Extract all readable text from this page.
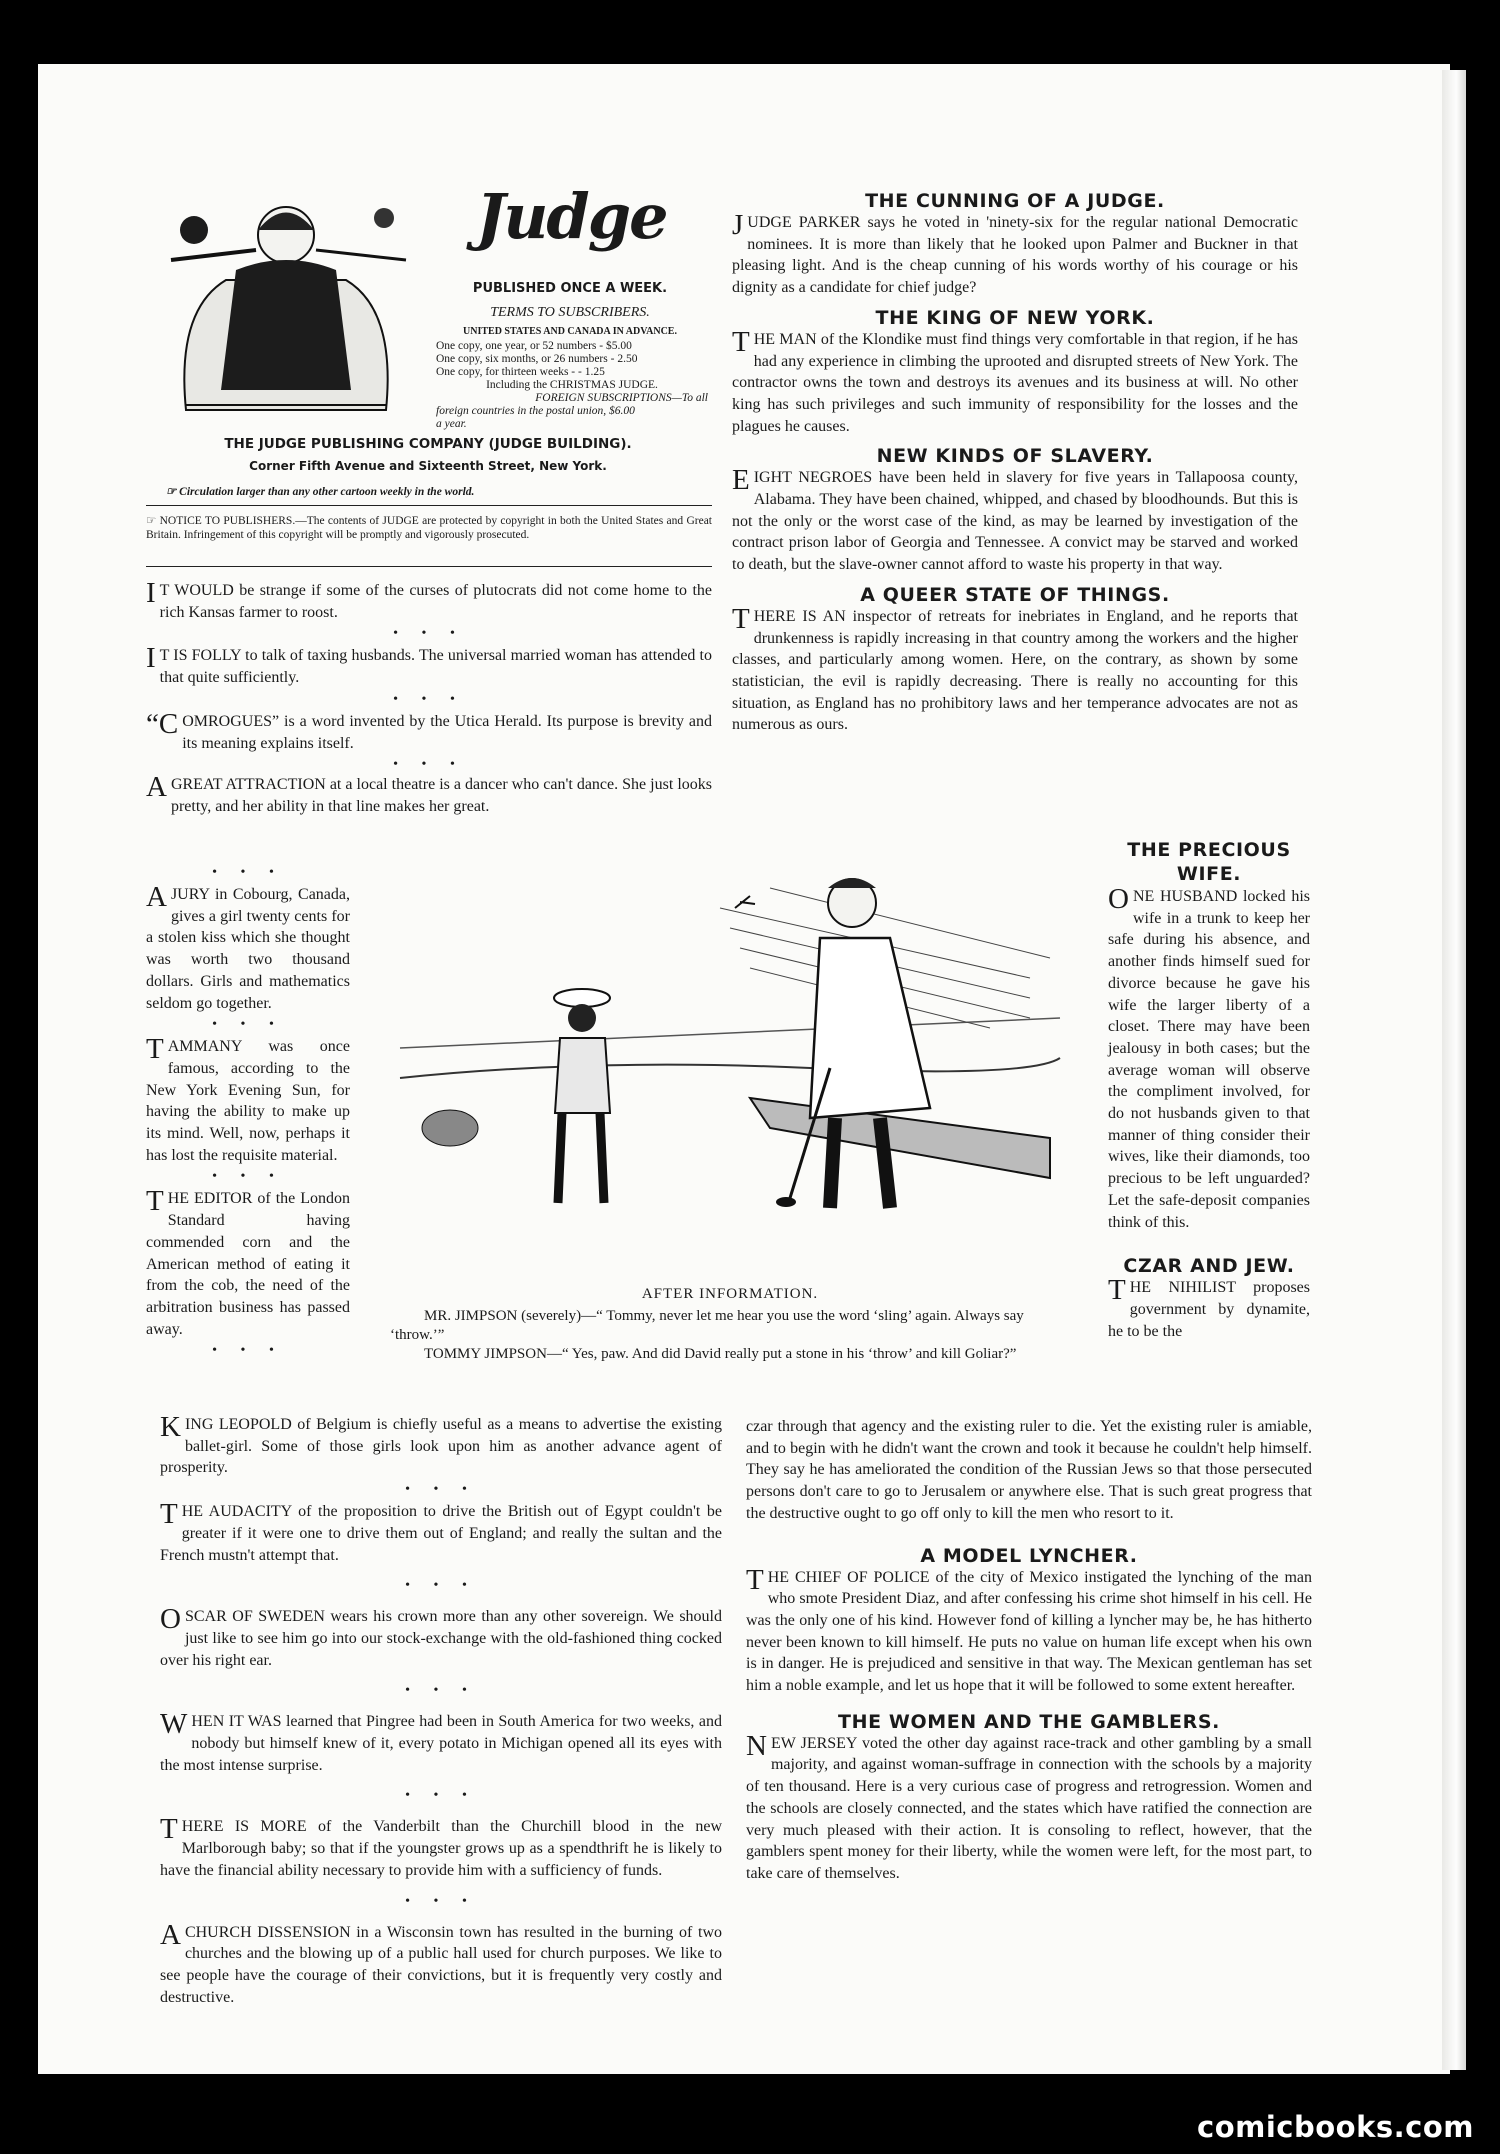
Judge
PUBLISHED ONCE A WEEK.
TERMS TO SUBSCRIBERS.
UNITED STATES AND CANADA IN ADVANCE.
One copy, one year, or 52 numbers - $5.00
One copy, six months, or 26 numbers - 2.50
One copy, for thirteen weeks - - 1.25
Including the CHRISTMAS JUDGE.
FOREIGN SUBSCRIPTIONS—To all
foreign countries in the postal union, $6.00
a year.
THE JUDGE PUBLISHING COMPANY (JUDGE BUILDING).
Corner Fifth Avenue and Sixteenth Street, New York.
☞ Circulation larger than any other cartoon weekly in the world.
☞ NOTICE TO PUBLISHERS.—The contents of JUDGE are protected by copyright in both the United States and Great Britain. Infringement of this copyright will be promptly and vigorously prosecuted.

I T WOULD be strange if some of the curses of plutocrats did not come home to the rich Kansas farmer to roost.

• • •

I T IS FOLLY to talk of taxing husbands. The universal married woman has attended to that quite sufficiently.

• • •

“COMROGUES” is a word invented by the Utica Herald. Its purpose is brevity and its meaning explains itself.

• • •

A GREAT ATTRACTION at a local theatre is a dancer who can't dance. She just looks pretty, and her ability in that line makes her great.

• • •

A JURY in Cobourg, Canada, gives a girl twenty cents for a stolen kiss which she thought was worth two thousand dollars. Girls and mathematics seldom go together.

• • •

TAMMANY was once famous, according to the New York Evening Sun, for having the ability to make up its mind. Well, now, perhaps it has lost the requisite material.

• • •

THE EDITOR of the London Standard having commended corn and the American method of eating it from the cob, the need of the arbitration business has passed away.

• • •
THE CUNNING OF A JUDGE.

JUDGE PARKER says he voted in 'ninety-six for the regular national Democratic nominees. It is more than likely that he looked upon Palmer and Buckner in that pleasing light. And is the cheap cunning of his words worthy of his courage or his dignity as a candidate for chief judge?

THE KING OF NEW YORK.

THE MAN of the Klondike must find things very comfortable in that region, if he has had any experience in climbing the uprooted and disrupted streets of New York. The contractor owns the town and destroys its avenues and its business at will. No other king has such privileges and such immunity of responsibility for the losses and the plagues he causes.

NEW KINDS OF SLAVERY.

EIGHT NEGROES have been held in slavery for five years in Tallapoosa county, Alabama. They have been chained, whipped, and chased by bloodhounds. But this is not the only or the worst case of the kind, as may be learned by investigation of the contract prison labor of Georgia and Tennessee. A convict may be starved and worked to death, but the slave-owner cannot afford to waste his property in that way.

A QUEER STATE OF THINGS.

THERE IS AN inspector of retreats for inebriates in England, and he reports that drunkenness is rapidly increasing in that country among the workers and the higher classes, and particularly among women. Here, on the contrary, as shown by some statistician, the evil is rapidly decreasing. There is really no accounting for this situation, as England has no prohibitory laws and her temperance advocates are not as numerous as ours.

THE PRECIOUS
WIFE.

ONE HUSBAND locked his wife in a trunk to keep her safe during his absence, and another finds himself sued for divorce because he gave his wife the larger liberty of a closet. There may have been jealousy in both cases; but the average woman will observe the compliment involved, for do not husbands given to that manner of thing consider their wives, like their diamonds, too precious to be left unguarded? Let the safe-deposit companies think of this.

CZAR AND JEW.

THE NIHILIST proposes government by dynamite, he to be the

AFTER INFORMATION.
MR. JIMPSON (severely)—“ Tommy, never let me hear you use the word ‘sling’ again. Always say ‘throw.’”
TOMMY JIMPSON—“ Yes, paw. And did David really put a stone in his ‘throw’ and kill Goliar?”

KING LEOPOLD of Belgium is chiefly useful as a means to advertise the existing ballet-girl. Some of those girls look upon him as another advance agent of prosperity.

• • •

THE AUDACITY of the proposition to drive the British out of Egypt couldn't be greater if it were one to drive them out of England; and really the sultan and the French mustn't attempt that.

• • •

OSCAR OF SWEDEN wears his crown more than any other sovereign. We should just like to see him go into our stock-exchange with the old-fashioned thing cocked over his right ear.

• • •

WHEN IT WAS learned that Pingree had been in South America for two weeks, and nobody but himself knew of it, every potato in Michigan opened all its eyes with the most intense surprise.

• • •

THERE IS MORE of the Vanderbilt than the Churchill blood in the new Marlborough baby; so that if the youngster grows up as a spendthrift he is likely to have the financial ability necessary to provide him with a sufficiency of funds.

• • •

A CHURCH DISSENSION in a Wisconsin town has resulted in the burning of two churches and the blowing up of a public hall used for church purposes. We like to see people have the courage of their convictions, but it is frequently very costly and destructive.

czar through that agency and the existing ruler to die. Yet the existing ruler is amiable, and to begin with he didn't want the crown and took it because he couldn't help himself. They say he has ameliorated the condition of the Russian Jews so that those persecuted persons don't care to go to Jerusalem or anywhere else. That is such great progress that the destructive ought to go off only to kill the men who resort to it.

A MODEL LYNCHER.

THE CHIEF OF POLICE of the city of Mexico instigated the lynching of the man who smote President Diaz, and after confessing his crime shot himself in his cell. He was the only one of his kind. However fond of killing a lyncher may be, he has hitherto never been known to kill himself. He puts no value on human life except when his own is in danger. He is prejudiced and sensitive in that way. The Mexican gentleman has set him a noble example, and let us hope that it will be followed to some extent hereafter.

THE WOMEN AND THE GAMBLERS.

NEW JERSEY voted the other day against race-track and other gambling by a small majority, and against woman-suffrage in connection with the schools by a majority of ten thousand. Here is a very curious case of progress and retrogression. Women and the schools are closely connected, and the states which have ratified the connection are very much pleased with their action. It is consoling to reflect, however, that the gamblers spent money for their liberty, while the women were left, for the most part, to take care of themselves.

comicbooks.com
